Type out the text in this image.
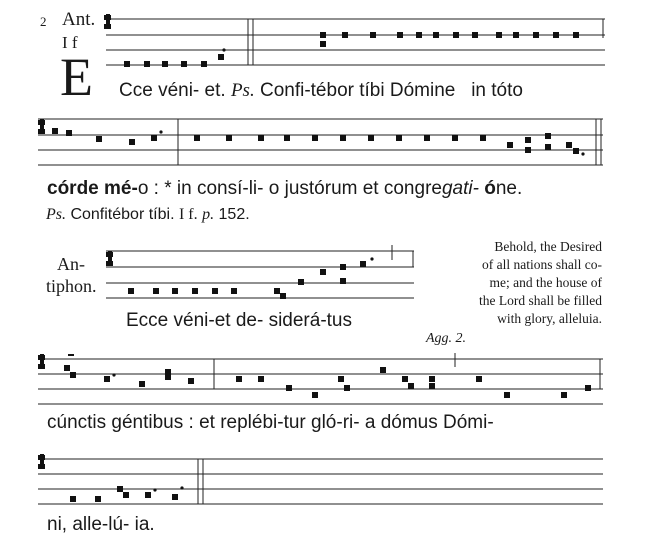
2 Ant.
I f
E Cce véni- et. Ps. Confi-tébor tíbi Dómine in tóto
córde mé-o : * in consí-li- o justórum et congregati- óne.
Ps. Confitébor tíbi. I f. p. 152.
An-
tiphon.
Ecce véni-et de- siderá-tus
Behold, the Desired
of all nations shall co-
me; and the house of
the Lord shall be filled
with glory, alleluia.
Agg. 2.
cúnctis géntibus : et replébi-tur gló-ri- a dómus Dómi-
ni, alle-lú- ia.
